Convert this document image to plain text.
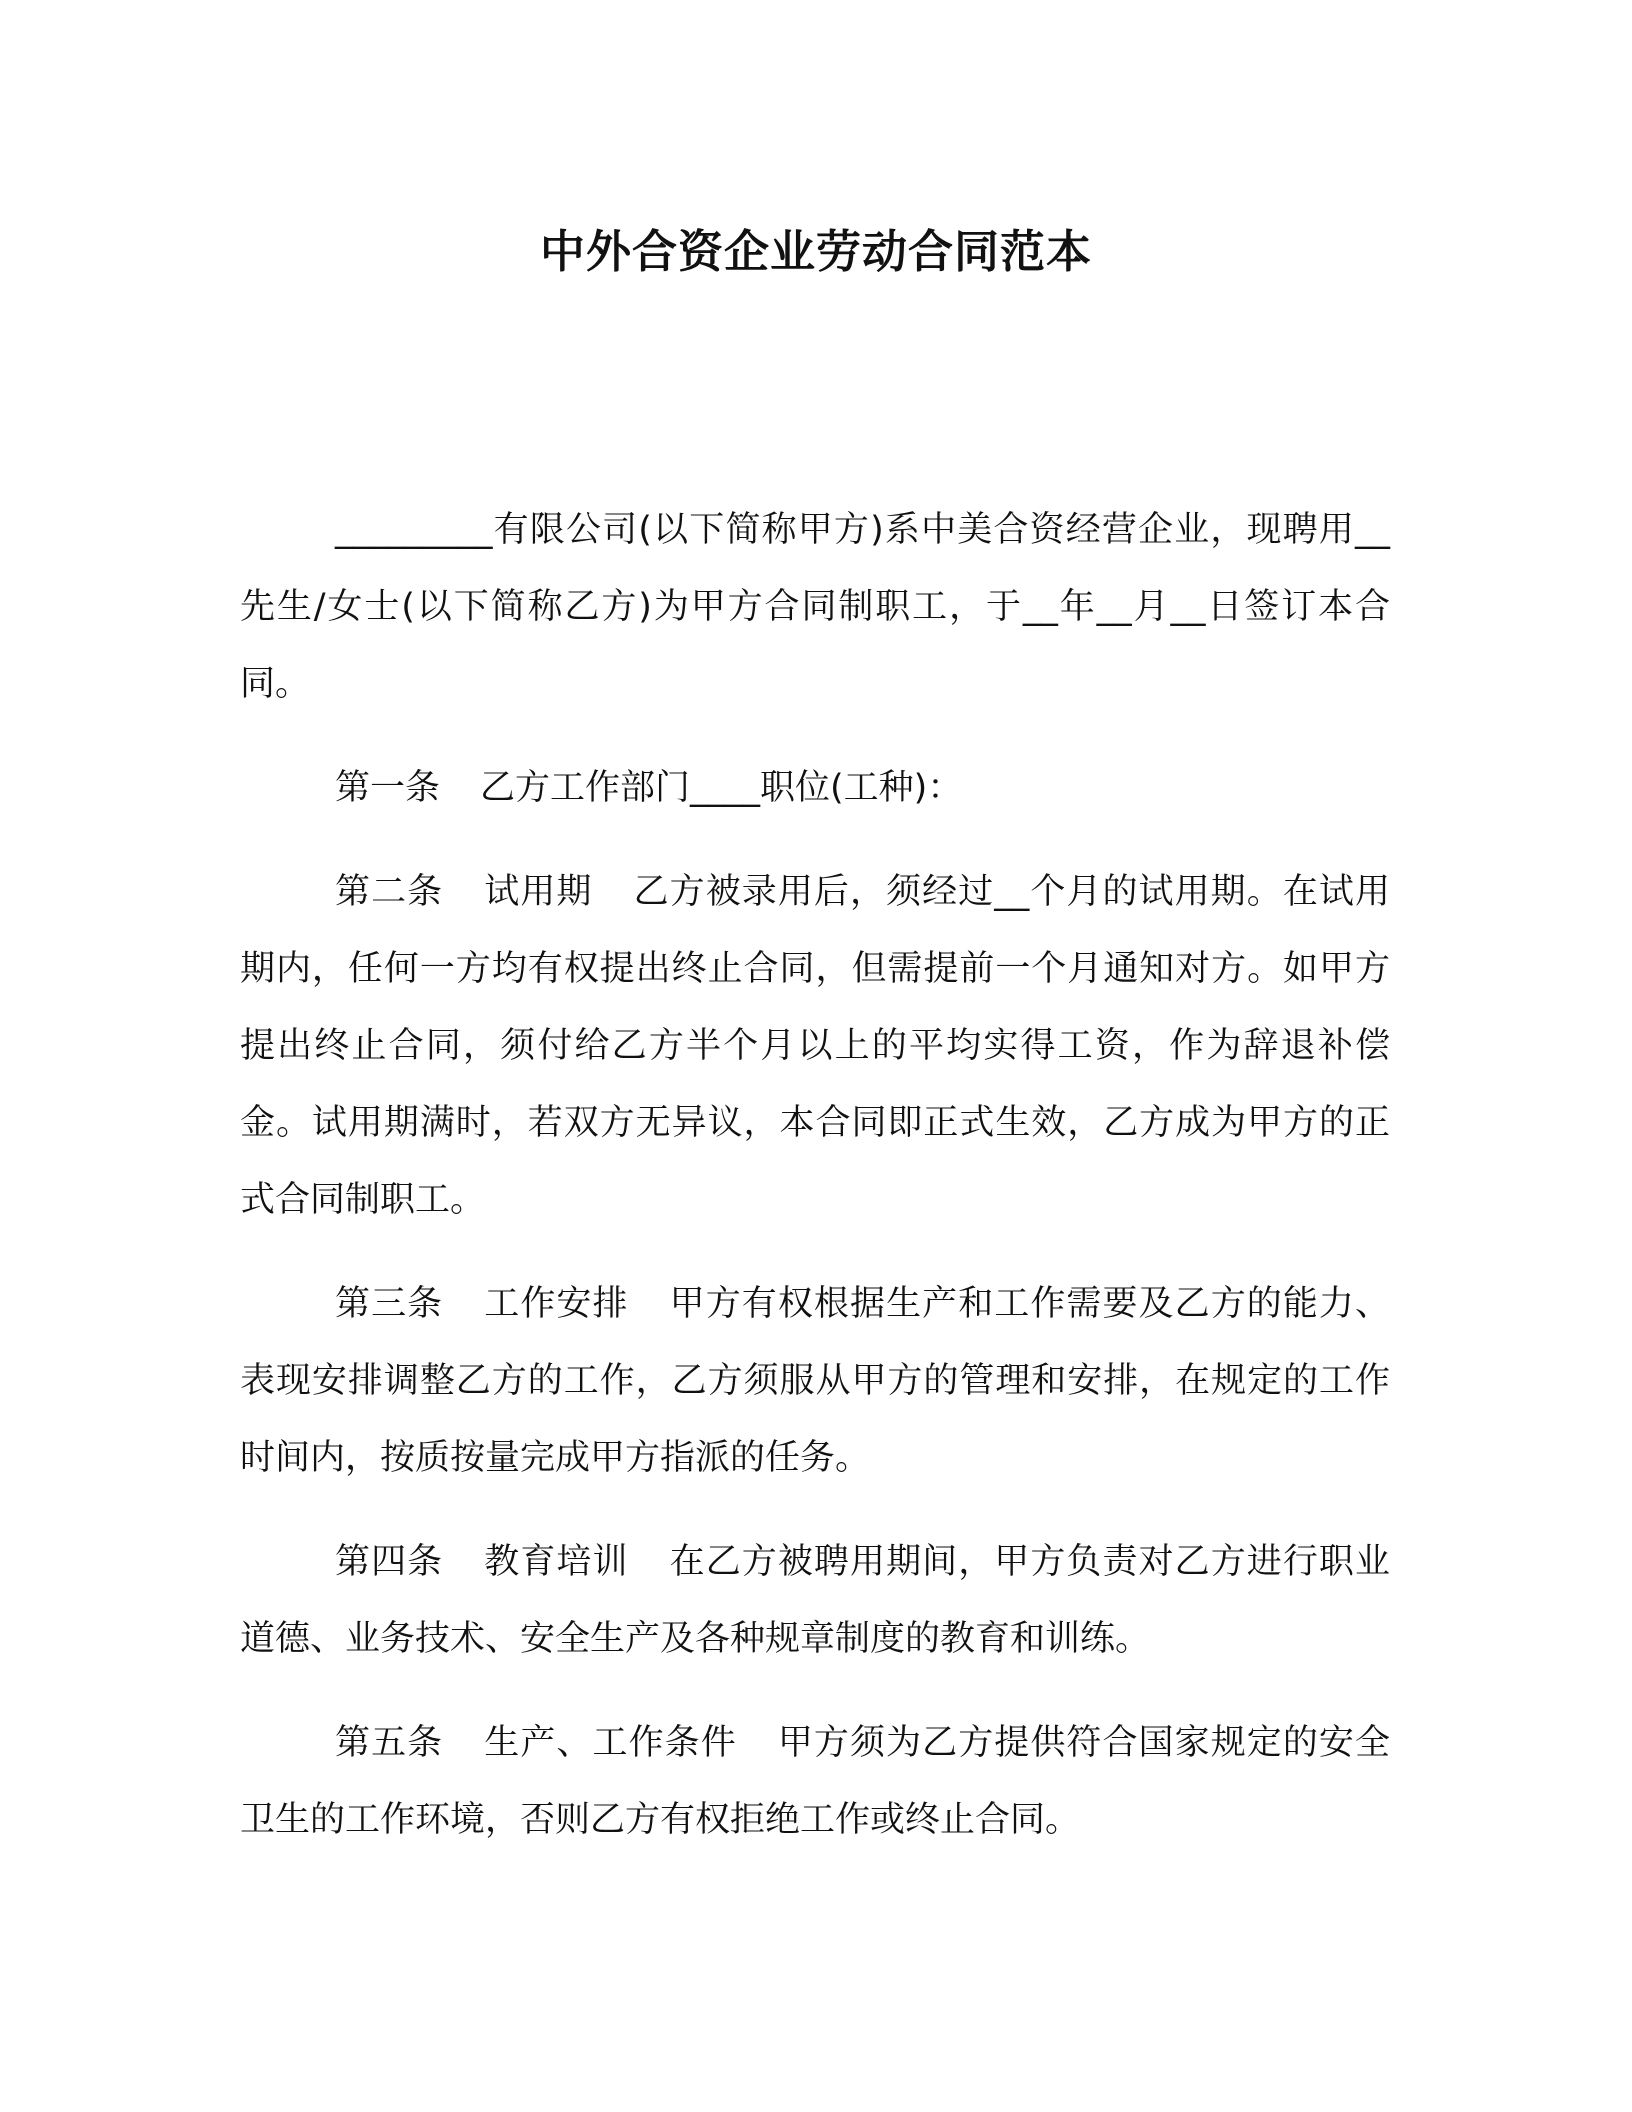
中外合资企业劳动合同范本

_________有限公司(以下简称甲方)系中美合资经营企业，现聘用__先生/女士(以下简称乙方)为甲方合同制职工，于__年__月__日签订本合同。

第一条 乙方工作部门____职位(工种)：

第二条 试用期 乙方被录用后，须经过__个月的试用期。在试用期内，任何一方均有权提出终止合同，但需提前一个月通知对方。如甲方提出终止合同，须付给乙方半个月以上的平均实得工资，作为辞退补偿金。试用期满时，若双方无异议，本合同即正式生效，乙方成为甲方的正式合同制职工。

第三条 工作安排 甲方有权根据生产和工作需要及乙方的能力、表现安排调整乙方的工作，乙方须服从甲方的管理和安排，在规定的工作时间内，按质按量完成甲方指派的任务。

第四条 教育培训 在乙方被聘用期间，甲方负责对乙方进行职业道德、业务技术、安全生产及各种规章制度的教育和训练。

第五条 生产、工作条件 甲方须为乙方提供符合国家规定的安全卫生的工作环境，否则乙方有权拒绝工作或终止合同。
